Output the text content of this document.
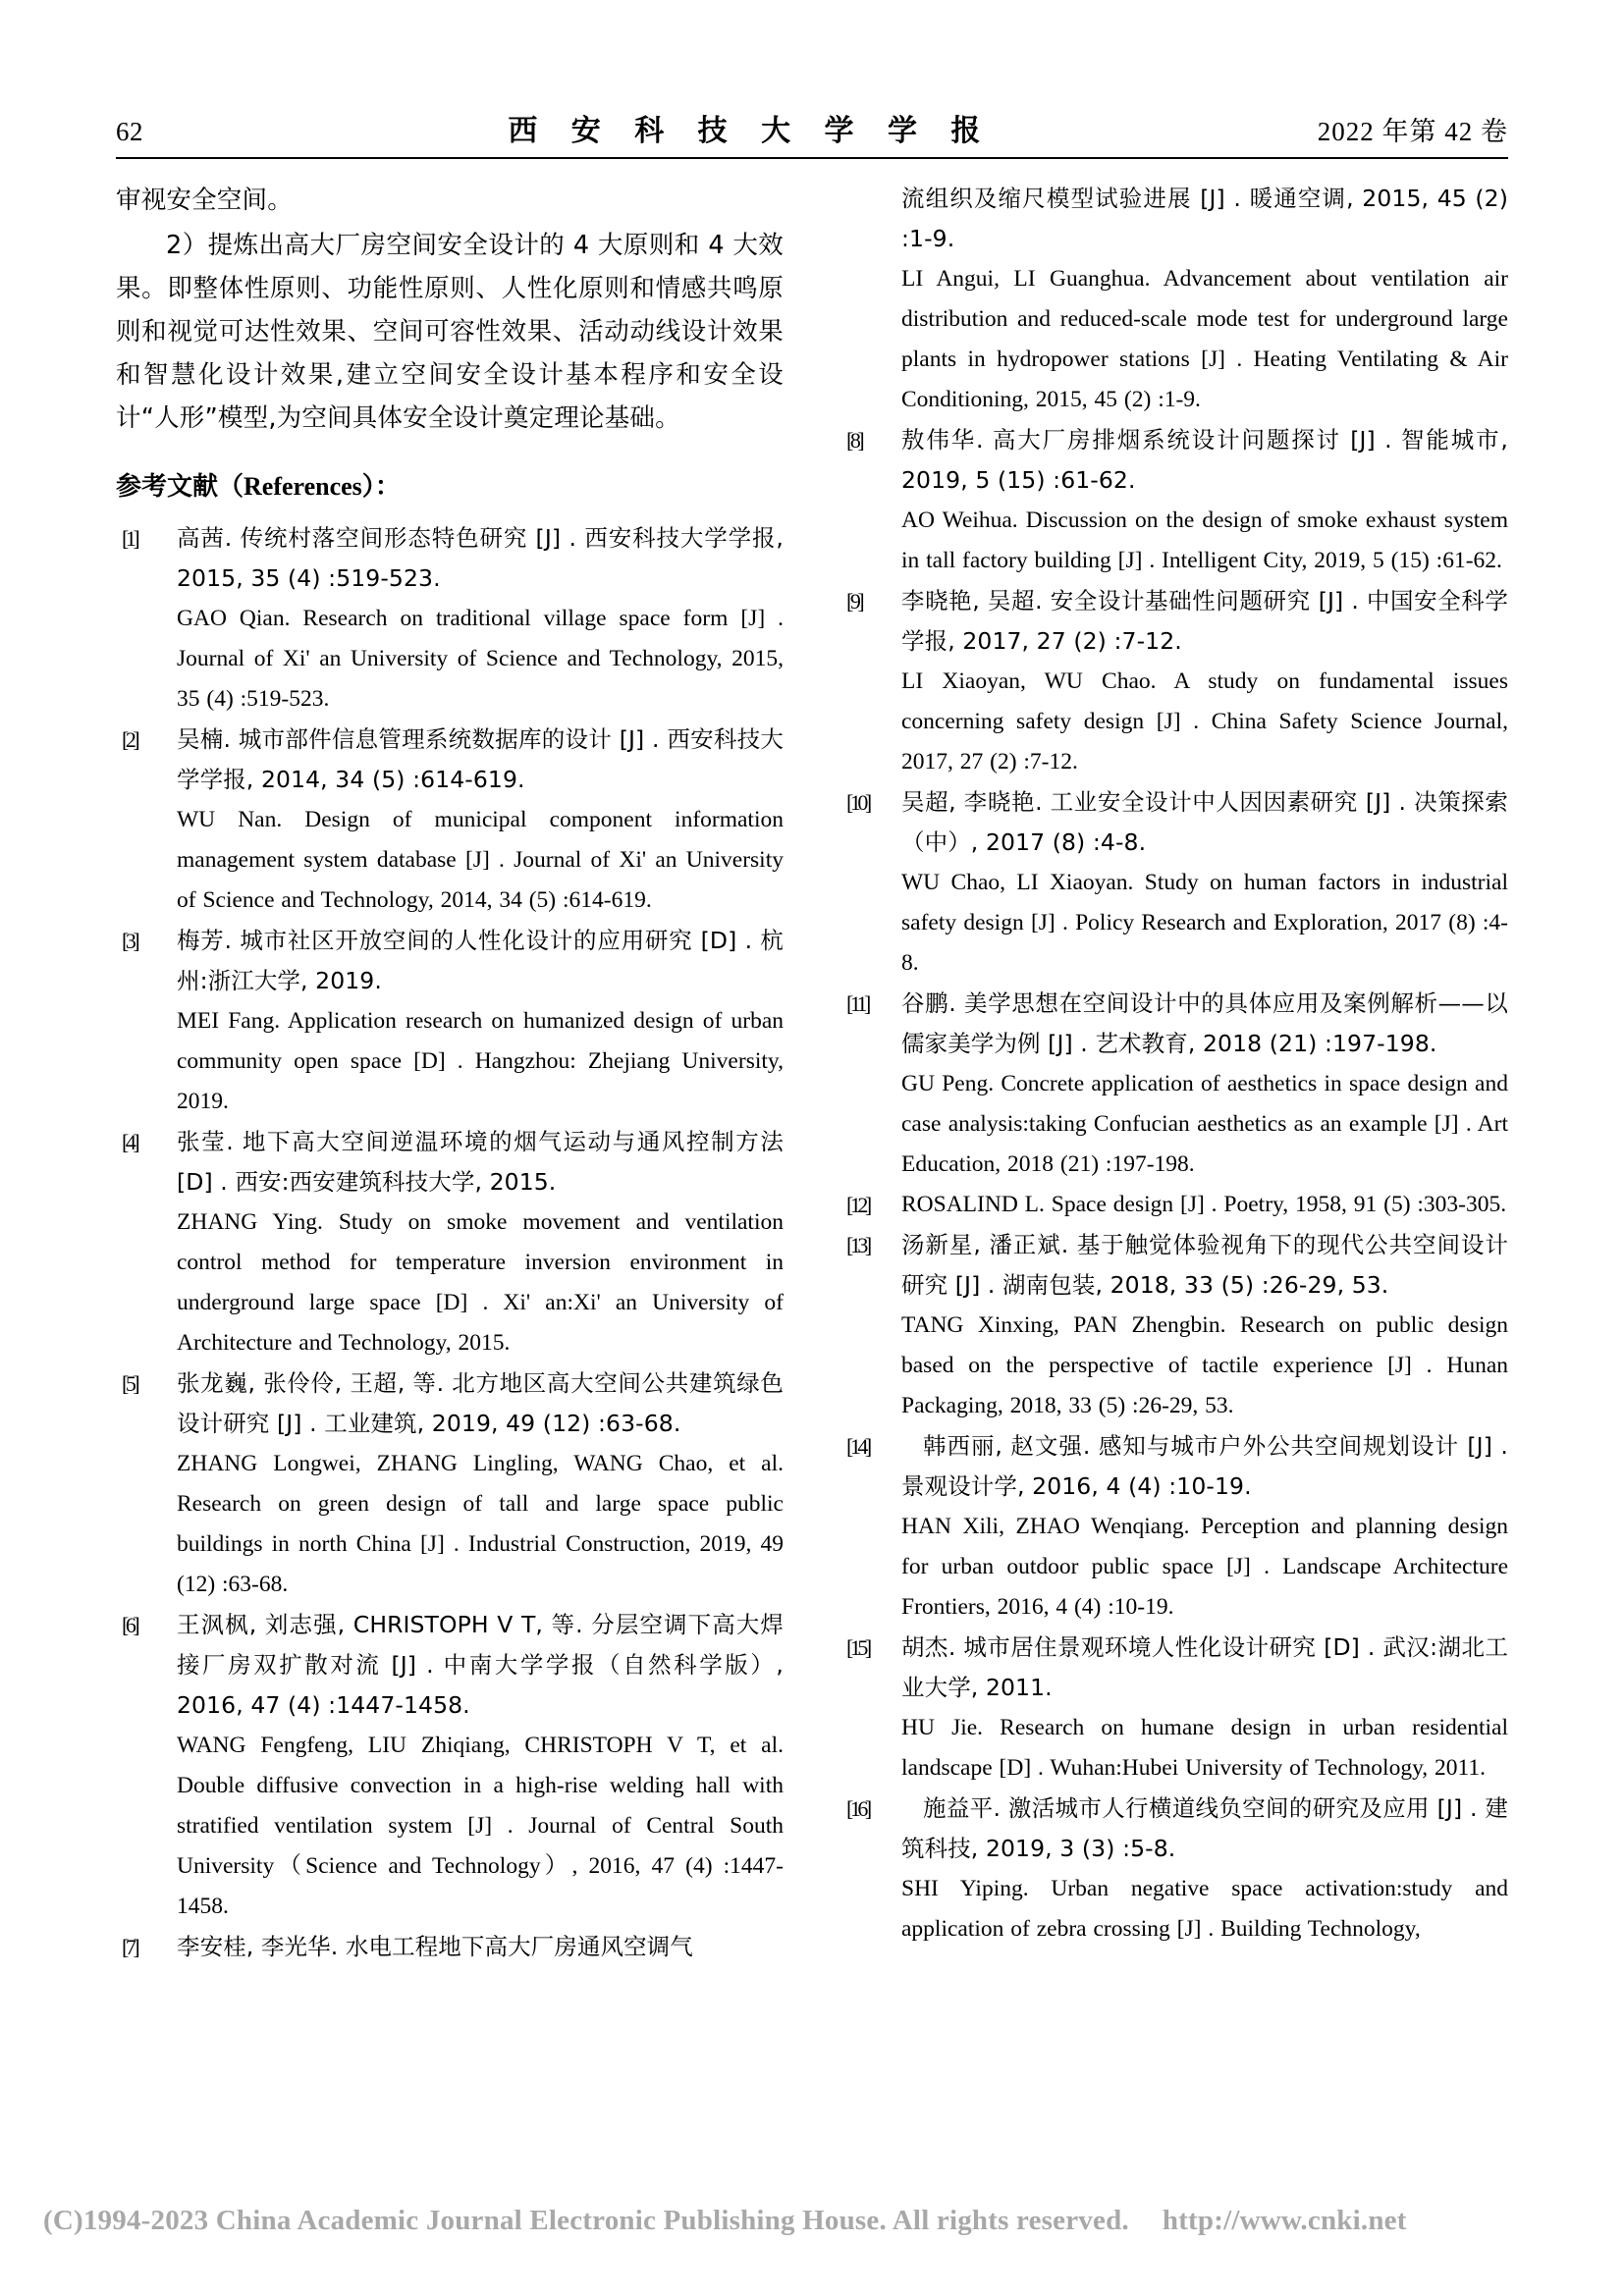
62	西 安 科 技 大 学 学 报	2022 年第 42 卷

审视安全空间。

2）提炼出高大厂房空间安全设计的 4 大原则和 4 大效果。即整体性原则、功能性原则、人性化原则和情感共鸣原则和视觉可达性效果、空间可容性效果、活动动线设计效果和智慧化设计效果,建立空间安全设计基本程序和安全设计“人形”模型,为空间具体安全设计奠定理论基础。

参考文献（References）：
[1]	高茜. 传统村落空间形态特色研究 [J] . 西安科技大学学报, 2015, 35 (4) :519-523.
GAO Qian. Research on traditional village space form [J] . Journal of Xi' an University of Science and Technology, 2015, 35 (4) :519-523.
[2]	吴楠. 城市部件信息管理系统数据库的设计 [J] . 西安科技大学学报, 2014, 34 (5) :614-619.
WU Nan. Design of municipal component information management system database [J] . Journal of Xi' an University of Science and Technology, 2014, 34 (5) :614-619.
[3]	梅芳. 城市社区开放空间的人性化设计的应用研究 [D] . 杭州:浙江大学, 2019.
MEI Fang. Application research on humanized design of urban community open space [D] . Hangzhou: Zhejiang University, 2019.
[4]	张莹. 地下高大空间逆温环境的烟气运动与通风控制方法 [D] . 西安:西安建筑科技大学, 2015.
ZHANG Ying. Study on smoke movement and ventilation control method for temperature inversion environment in underground large space [D] . Xi' an:Xi' an University of Architecture and Technology, 2015.
[5]	张龙巍, 张伶伶, 王超, 等. 北方地区高大空间公共建筑绿色设计研究 [J] . 工业建筑, 2019, 49 (12) :63-68.
ZHANG Longwei, ZHANG Lingling, WANG Chao, et al. Research on green design of tall and large space public buildings in north China [J] . Industrial Construction, 2019, 49 (12) :63-68.
[6]	王沨枫, 刘志强, CHRISTOPH V T, 等. 分层空调下高大焊接厂房双扩散对流 [J] . 中南大学学报（自然科学版）, 2016, 47 (4) :1447-1458.
WANG Fengfeng, LIU Zhiqiang, CHRISTOPH V T, et al. Double diffusive convection in a high-rise welding hall with stratified ventilation system [J] . Journal of Central South University（Science and Technology）, 2016, 47 (4) :1447-1458.
[7]	李安桂, 李光华. 水电工程地下高大厂房通风空调气
流组织及缩尺模型试验进展 [J] . 暖通空调, 2015, 45 (2) :1-9.
LI Angui, LI Guanghua. Advancement about ventilation air distribution and reduced-scale mode test for underground large plants in hydropower stations [J] . Heating Ventilating & Air Conditioning, 2015, 45 (2) :1-9.
[8]	敖伟华. 高大厂房排烟系统设计问题探讨 [J] . 智能城市, 2019, 5 (15) :61-62.
AO Weihua. Discussion on the design of smoke exhaust system in tall factory building [J] . Intelligent City, 2019, 5 (15) :61-62.
[9]	李晓艳, 吴超. 安全设计基础性问题研究 [J] . 中国安全科学学报, 2017, 27 (2) :7-12.
LI Xiaoyan, WU Chao. A study on fundamental issues concerning safety design [J] . China Safety Science Journal, 2017, 27 (2) :7-12.
[10]	吴超, 李晓艳. 工业安全设计中人因因素研究 [J] . 决策探索（中）, 2017 (8) :4-8.
WU Chao, LI Xiaoyan. Study on human factors in industrial safety design [J] . Policy Research and Exploration, 2017 (8) :4-8.
[11]	谷鹏. 美学思想在空间设计中的具体应用及案例解析——以儒家美学为例 [J] . 艺术教育, 2018 (21) :197-198.
GU Peng. Concrete application of aesthetics in space design and case analysis:taking Confucian aesthetics as an example [J] . Art Education, 2018 (21) :197-198.
[12]	ROSALIND L. Space design [J] . Poetry, 1958, 91 (5) :303-305.
[13]	汤新星, 潘正斌. 基于触觉体验视角下的现代公共空间设计研究 [J] . 湖南包装, 2018, 33 (5) :26-29, 53.
TANG Xinxing, PAN Zhengbin. Research on public design based on the perspective of tactile experience [J] . Hunan Packaging, 2018, 33 (5) :26-29, 53.
[14]	韩西丽, 赵文强. 感知与城市户外公共空间规划设计 [J] . 景观设计学, 2016, 4 (4) :10-19.
HAN Xili, ZHAO Wenqiang. Perception and planning design for urban outdoor public space [J] . Landscape Architecture Frontiers, 2016, 4 (4) :10-19.
[15]	胡杰. 城市居住景观环境人性化设计研究 [D] . 武汉:湖北工业大学, 2011.
HU Jie. Research on humane design in urban residential landscape [D] . Wuhan:Hubei University of Technology, 2011.
[16]	施益平. 激活城市人行横道线负空间的研究及应用 [J] . 建筑科技, 2019, 3 (3) :5-8.
SHI Yiping. Urban negative space activation:study and application of zebra crossing [J] . Building Technology,
(C)1994-2023 China Academic Journal Electronic Publishing House. All rights reserved. http://www.cnki.net
